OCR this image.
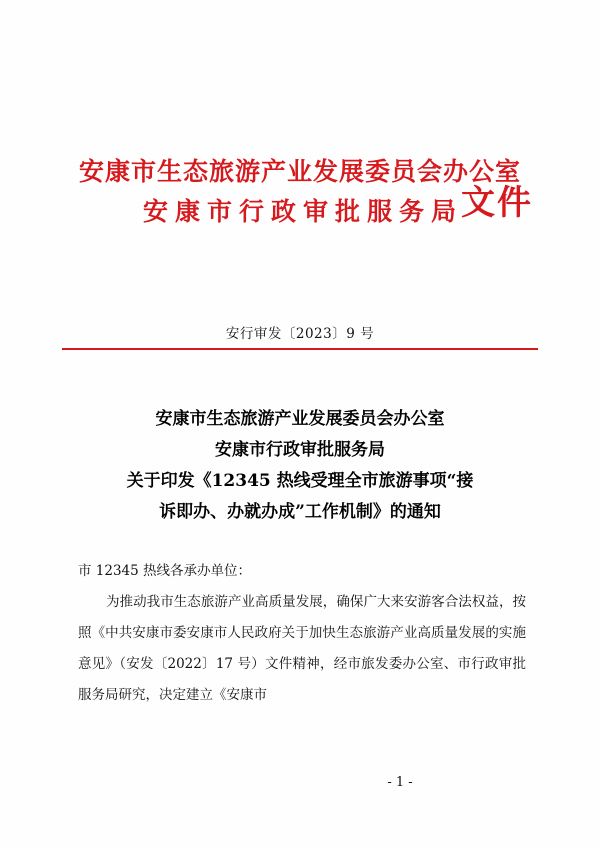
安康市生态旅游产业发展委员会办公室
安康市行政审批服务局
文件
安行审发〔2023〕9 号
安康市生态旅游产业发展委员会办公室
安康市行政审批服务局
关于印发《12345 热线受理全市旅游事项“接
诉即办、办就办成”工作机制》的通知

市 12345 热线各承办单位：

为推动我市生态旅游产业高质量发展，确保广大来安游客合法权益，按照《中共安康市委安康市人民政府关于加快生态旅游产业高质量发展的实施意见》（安发〔2022〕17 号）文件精神，经市旅发委办公室、市行政审批服务局研究，决定建立《安康市

- 1 -
